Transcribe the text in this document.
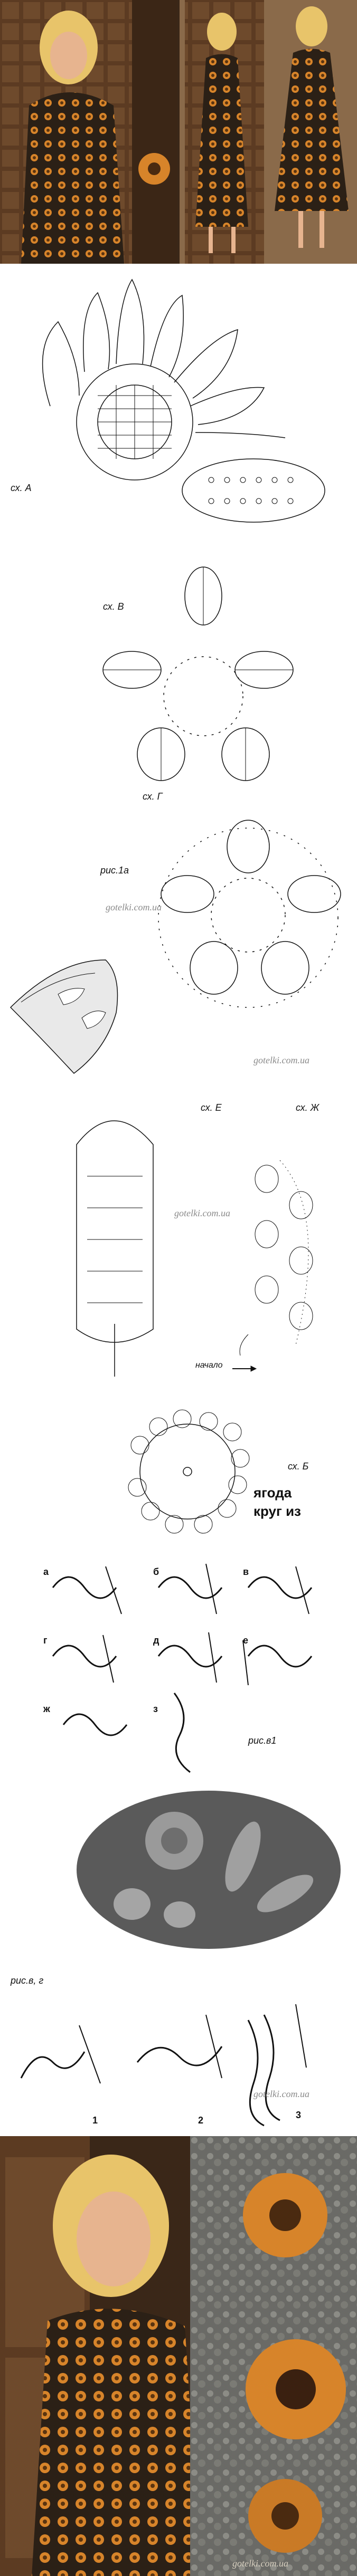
сх. А
сх. В
сх. Г
рис.1а
gotelki.com.ua
gotelki.com.ua
сх. Е	сх. Ж
начало
сх. Б
gotelki.com.ua
ягода
круг из
а	б	в
г	д	е
ж	з
рис.в1
рис.в, г
1	2	3
gotelki.com.ua
gotelki.com.ua
